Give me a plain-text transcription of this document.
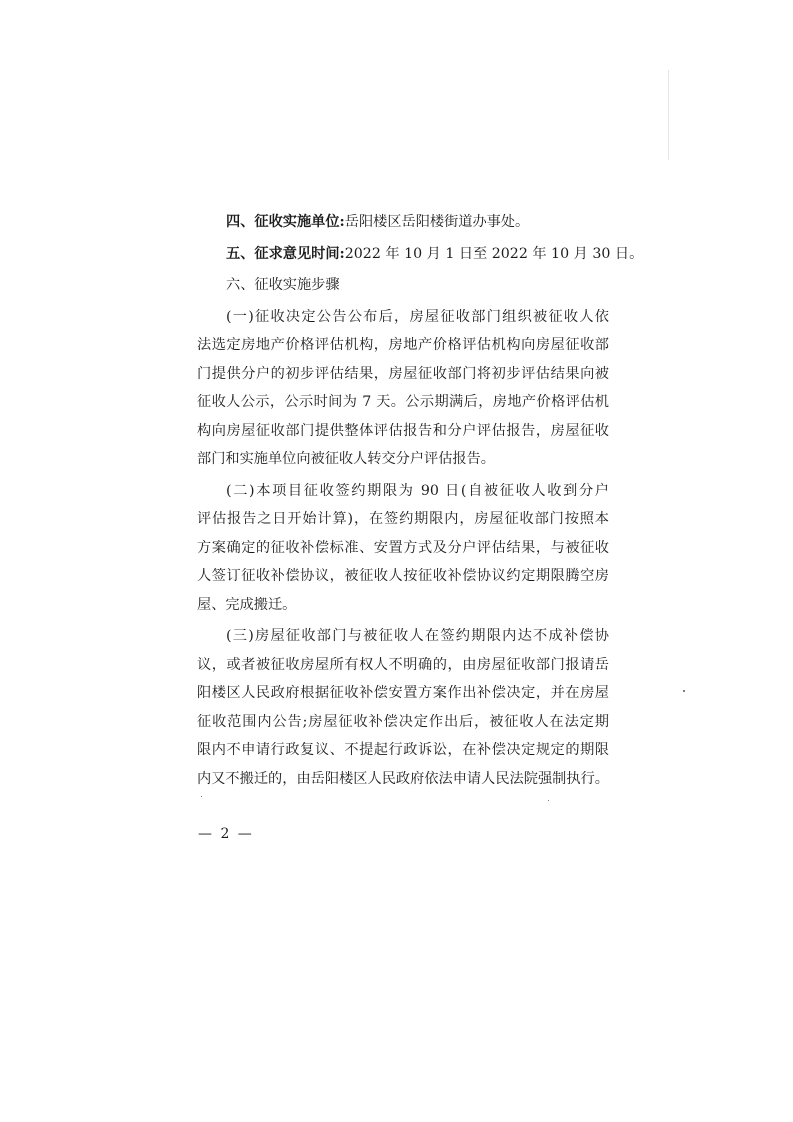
四、征收实施单位:岳阳楼区岳阳楼街道办事处。
五、征求意见时间:2022 年 10 月 1 日至 2022 年 10 月 30 日。
六、征收实施步骤
(一)征收决定公告公布后，房屋征收部门组织被征收人依
法选定房地产价格评估机构，房地产价格评估机构向房屋征收部
门提供分户的初步评估结果，房屋征收部门将初步评估结果向被
征收人公示，公示时间为 7 天。公示期满后，房地产价格评估机
构向房屋征收部门提供整体评估报告和分户评估报告，房屋征收
部门和实施单位向被征收人转交分户评估报告。
(二)本项目征收签约期限为 90 日(自被征收人收到分户
评估报告之日开始计算)，在签约期限内，房屋征收部门按照本
方案确定的征收补偿标准、安置方式及分户评估结果，与被征收
人签订征收补偿协议，被征收人按征收补偿协议约定期限腾空房
屋、完成搬迁。
(三)房屋征收部门与被征收人在签约期限内达不成补偿协
议，或者被征收房屋所有权人不明确的，由房屋征收部门报请岳
阳楼区人民政府根据征收补偿安置方案作出补偿决定，并在房屋
征收范围内公告;房屋征收补偿决定作出后，被征收人在法定期
限内不申请行政复议、不提起行政诉讼，在补偿决定规定的期限
内又不搬迁的，由岳阳楼区人民政府依法申请人民法院强制执行。
— 2 —
